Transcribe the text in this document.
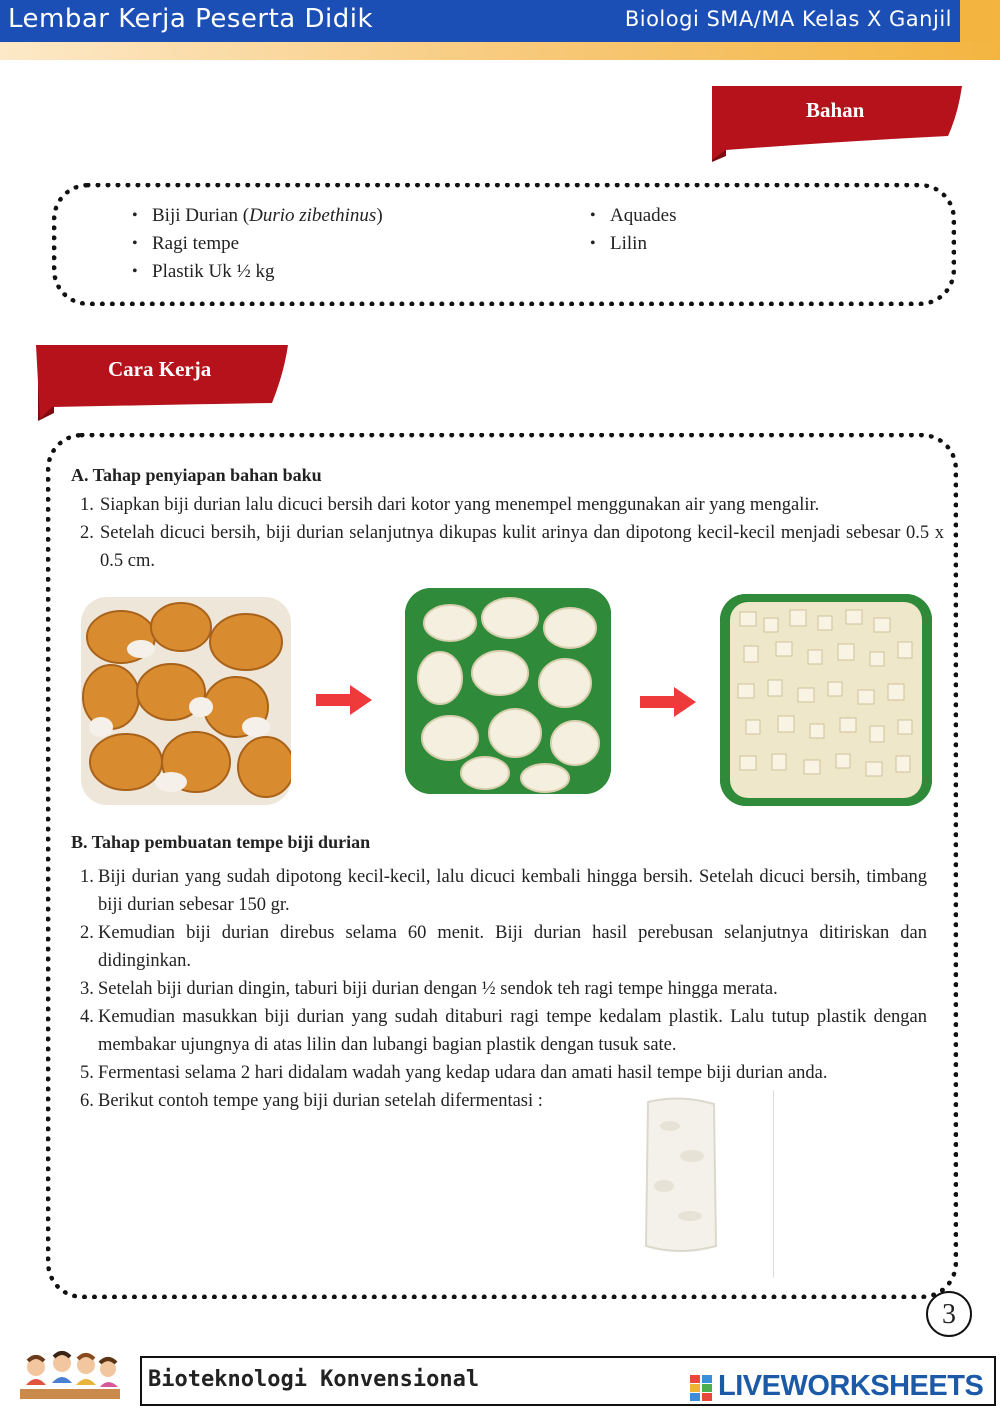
Lembar Kerja Peserta Didik	Biologi SMA/MA Kelas X Ganjil
Bahan
• Biji Durian (Durio zibethinus)
• Ragi tempe
• Plastik Uk ½ kg
• Aquades
• Lilin
Cara Kerja
A. Tahap penyiapan bahan baku
1. Siapkan biji durian lalu dicuci bersih dari kotor yang menempel menggunakan air yang mengalir.
2. Setelah dicuci bersih, biji durian selanjutnya dikupas kulit arinya dan dipotong kecil-kecil menjadi sebesar 0.5 x 0.5 cm.
B. Tahap pembuatan tempe biji durian
1. Biji durian yang sudah dipotong kecil-kecil, lalu dicuci kembali hingga bersih. Setelah dicuci bersih, timbang biji durian sebesar 150 gr.
2. Kemudian biji durian direbus selama 60 menit. Biji durian hasil perebusan selanjutnya ditiriskan dan didinginkan.
3. Setelah biji durian dingin, taburi biji durian dengan ½ sendok teh ragi tempe hingga merata.
4. Kemudian masukkan biji durian yang sudah ditaburi ragi tempe kedalam plastik. Lalu tutup plastik dengan membakar ujungnya di atas lilin dan lubangi bagian plastik dengan tusuk sate.
5. Fermentasi selama 2 hari didalam wadah yang kedap udara dan amati hasil tempe biji durian anda.
6. Berikut contoh tempe yang biji durian setelah difermentasi :
3
Bioteknologi Konvensional	LIVEWORKSHEETS
